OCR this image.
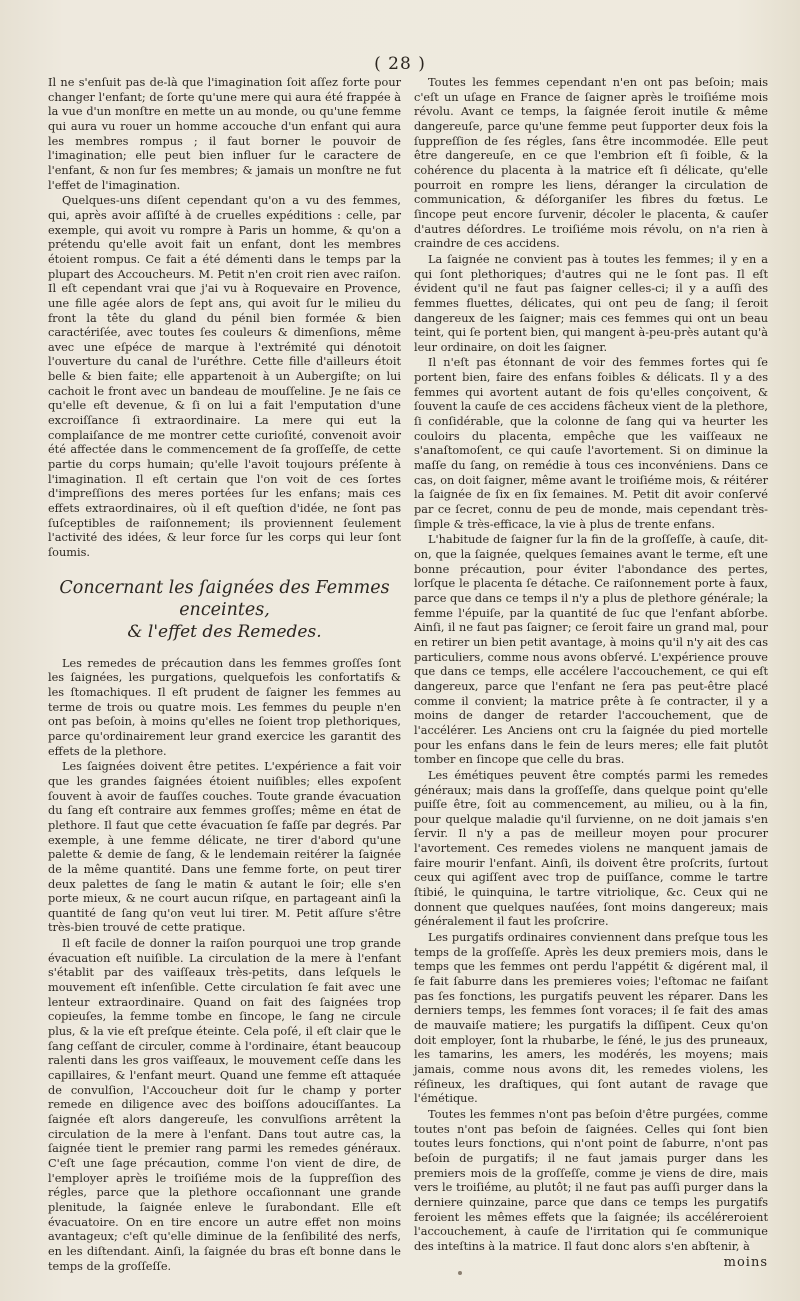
( 28 )

Il ne s'enſuit pas de-là que l'imagination ſoit aſſez forte pour changer l'enfant; de ſorte qu'une mere qui aura été frappée à la vue d'un monſtre en mette un au monde, ou qu'une femme qui aura vu rouer un homme accouche d'un enfant qui aura les membres rompus ; il faut borner le pouvoir de l'imagination; elle peut bien influer ſur le caractere de l'enfant, & non ſur ſes membres; & jamais un monſtre ne fut l'effet de l'imagination.

Quelques-uns diſent cependant qu'on a vu des femmes, qui, après avoir aſſiſté à de cruelles expéditions : celle, par exemple, qui avoit vu rompre à Paris un homme, & qu'on a prétendu qu'elle avoit fait un enfant, dont les membres étoient rompus. Ce fait a été démenti dans le temps par la plupart des Accoucheurs. M. Petit n'en croit rien avec raiſon. Il eſt cependant vrai que j'ai vu à Roquevaire en Provence, une fille agée alors de ſept ans, qui avoit ſur le milieu du front la tête du gland du pénil bien formée & bien caractériſée, avec toutes ſes couleurs & dimenſions, même avec une eſpéce de marque à l'extrémité qui dénotoit l'ouverture du canal de l'uréthre. Cette fille d'ailleurs étoit belle & bien faite; elle appartenoit à un Aubergiſte; on lui cachoit le front avec un bandeau de mouſſeline. Je ne ſais ce qu'elle eſt devenue, & ſi on lui a fait l'emputation d'une excroiſſance ſi extraordinaire. La mere qui eut la complaiſance de me montrer cette curioſité, convenoit avoir été affectée dans le commencement de ſa groſſeſſe, de cette partie du corps humain; qu'elle l'avoit toujours préſente à l'imagination. Il eſt certain que l'on voit de ces ſortes d'impreſſions des meres portées ſur les enfans; mais ces effets extraordinaires, où il eſt queſtion d'idée, ne ſont pas ſuſceptibles de raiſonnement; ils proviennent ſeulement l'activité des idées, & leur force ſur les corps qui leur ſont ſoumis.

Concernant les ſaignées des Femmes enceintes,
& l'effet des Remedes.

Les remedes de précaution dans les femmes groſſes ſont les ſaignées, les purgations, quelquefois les confortatifs & les ſtomachiques. Il eſt prudent de ſaigner les femmes au terme de trois ou quatre mois. Les femmes du peuple n'en ont pas beſoin, à moins qu'elles ne ſoient trop plethoriques, parce qu'ordinairement leur grand exercice les garantit des effets de la plethore.

Les ſaignées doivent être petites. L'expérience a fait voir que les grandes ſaignées étoient nuiſibles; elles expoſent ſouvent à avoir de fauſſes couches. Toute grande évacuation du ſang eſt contraire aux femmes groſſes; même en état de plethore. Il faut que cette évacuation ſe faſſe par degrés. Par exemple, à une femme délicate, ne tirer d'abord qu'une palette & demie de ſang, & le lendemain reitérer la ſaignée de la même quantité. Dans une femme forte, on peut tirer deux palettes de ſang le matin & autant le ſoir; elle s'en porte mieux, & ne court aucun riſque, en partageant ainſi la quantité de ſang qu'on veut lui tirer. M. Petit aſſure s'être très-bien trouvé de cette pratique.

Il eſt facile de donner la raiſon pourquoi une trop grande évacuation eſt nuiſible. La circulation de la mere à l'enfant s'établit par des vaiſſeaux très-petits, dans leſquels le mouvement eſt inſenſible. Cette circulation ſe fait avec une lenteur extraordinaire. Quand on fait des ſaignées trop copieuſes, la femme tombe en ſincope, le ſang ne circule plus, & la vie eſt preſque éteinte. Cela poſé, il eſt clair que le ſang ceſſant de circuler, comme à l'ordinaire, étant beaucoup ralenti dans les gros vaiſſeaux, le mouvement ceſſe dans les capillaires, & l'enfant meurt. Quand une femme eſt attaquée de convulſion, l'Accoucheur doit ſur le champ y porter remede en diligence avec des boiſſons adouciſſantes. La ſaignée eſt alors dangereuſe, les convulſions arrêtent la circulation de la mere à l'enfant. Dans tout autre cas, la ſaignée tient le premier rang parmi les remedes généraux. C'eſt une ſage précaution, comme l'on vient de dire, de l'employer après le troiſiéme mois de la ſuppreſſion des régles, parce que la plethore occaſionnant une grande plenitude, la ſaignée enleve le ſurabondant. Elle eſt évacuatoire. On en tire encore un autre effet non moins avantageux; c'eſt qu'elle diminue de la ſenſibilité des nerfs, en les diſtendant. Ainſi, la ſaignée du bras eſt bonne dans le temps de la groſſeſſe.

Toutes les femmes cependant n'en ont pas beſoin; mais c'eſt un uſage en France de ſaigner après le troiſiéme mois révolu. Avant ce temps, la ſaignée ſeroit inutile & même dangereuſe, parce qu'une femme peut ſupporter deux fois la ſuppreſſion de ſes régles, ſans être incommodée. Elle peut être dangereuſe, en ce que l'embrion eſt ſi foible, & la cohérence du placenta à la matrice eſt ſi délicate, qu'elle pourroit en rompre les liens, déranger la circulation de communication, & déſorganiſer les fibres du fœtus. Le ſincope peut encore ſurvenir, décoler le placenta, & cauſer d'autres déſordres. Le troiſiéme mois révolu, on n'a rien à craindre de ces accidens.

La ſaignée ne convient pas à toutes les femmes; il y en a qui ſont plethoriques; d'autres qui ne le ſont pas. Il eſt évident qu'il ne faut pas ſaigner celles-ci; il y a auſſi des femmes fluettes, délicates, qui ont peu de ſang; il ſeroit dangereux de les ſaigner; mais ces femmes qui ont un beau teint, qui ſe portent bien, qui mangent à-peu-près autant qu'à leur ordinaire, on doit les ſaigner.

Il n'eſt pas étonnant de voir des femmes fortes qui ſe portent bien, faire des enfans foibles & délicats. Il y a des femmes qui avortent autant de fois qu'elles conçoivent, & ſouvent la cauſe de ces accidens fâcheux vient de la plethore, ſi conſidérable, que la colonne de ſang qui va heurter les couloirs du placenta, empêche que les vaiſſeaux ne s'anaſtomoſent, ce qui cauſe l'avortement. Si on diminue la maſſe du ſang, on remédie à tous ces inconvéniens. Dans ce cas, on doit ſaigner, même avant le troiſiéme mois, & réitérer la ſaignée de ſix en ſix ſemaines. M. Petit dit avoir conſervé par ce ſecret, connu de peu de monde, mais cependant très-ſimple & très-efficace, la vie à plus de trente enfans.

L'habitude de ſaigner ſur la fin de la groſſeſſe, à cauſe, dit-on, que la ſaignée, quelques ſemaines avant le terme, eſt une bonne précaution, pour éviter l'abondance des pertes, lorſque le placenta ſe détache. Ce raiſonnement porte à faux, parce que dans ce temps il n'y a plus de plethore générale; la femme l'épuiſe, par la quantité de ſuc que l'enfant abſorbe. Ainſi, il ne faut pas ſaigner; ce ſeroit faire un grand mal, pour en retirer un bien petit avantage, à moins qu'il n'y ait des cas particuliers, comme nous avons obſervé. L'expérience prouve que dans ce temps, elle accélere l'accouchement, ce qui eſt dangereux, parce que l'enfant ne ſera pas peut-être placé comme il convient; la matrice prête à ſe contracter, il y a moins de danger de retarder l'accouchement, que de l'accélérer. Les Anciens ont cru la ſaignée du pied mortelle pour les enfans dans le fein de leurs meres; elle fait plutôt tomber en ſincope que celle du bras.

Les émétiques peuvent être comptés parmi les remedes généraux; mais dans la groſſeſſe, dans quelque point qu'elle puiſſe être, ſoit au commencement, au milieu, ou à la fin, pour quelque maladie qu'il ſurvienne, on ne doit jamais s'en ſervir. Il n'y a pas de meilleur moyen pour procurer l'avortement. Ces remedes violens ne manquent jamais de faire mourir l'enfant. Ainſi, ils doivent être proſcrits, ſurtout ceux qui agiſſent avec trop de puiſſance, comme le tartre ſtibié, le quinquina, le tartre vitriolique, &c. Ceux qui ne donnent que quelques nauſées, ſont moins dangereux; mais généralement il faut les proſcrire.

Les purgatifs ordinaires conviennent dans preſque tous les temps de la groſſeſſe. Après les deux premiers mois, dans le temps que les femmes ont perdu l'appétit & digérent mal, il ſe fait ſaburre dans les premieres voies; l'eſtomac ne faiſant pas ſes fonctions, les purgatifs peuvent les réparer. Dans les derniers temps, les femmes ſont voraces; il ſe fait des amas de mauvaiſe matiere; les purgatifs la diſſipent. Ceux qu'on doit employer, ſont la rhubarbe, le ſéné, le jus des pruneaux, les tamarins, les amers, les modérés, les moyens; mais jamais, comme nous avons dit, les remedes violens, les réſineux, les draſtiques, qui ſont autant de ravage que l'émétique.

Toutes les femmes n'ont pas beſoin d'être purgées, comme toutes n'ont pas beſoin de ſaignées. Celles qui ſont bien toutes leurs fonctions, qui n'ont point de ſaburre, n'ont pas beſoin de purgatifs; il ne faut jamais purger dans les premiers mois de la groſſeſſe, comme je viens de dire, mais vers le troiſiéme, au plutôt; il ne faut pas auſſi purger dans la derniere quinzaine, parce que dans ce temps les purgatifs feroient les mêmes effets que la ſaignée; ils accéléreroient l'accouchement, à cauſe de l'irritation qui ſe communique des inteſtins à la matrice. Il faut donc alors s'en abſtenir, à

moins
